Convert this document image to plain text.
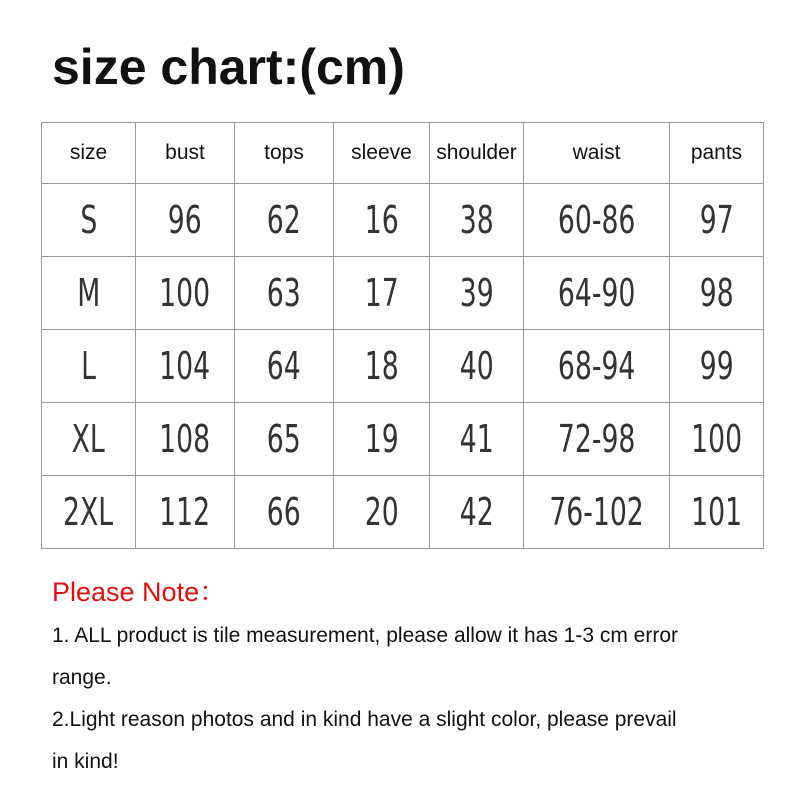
size chart:(cm)
size	bust	tops	sleeve	shoulder	waist	pants
S	96	62	16	38	60-86	97
M	100	63	17	39	64-90	98
L	104	64	18	40	68-94	99
XL	108	65	19	41	72-98	100
2XL	112	66	20	42	76-102	101
Please Note：
1. ALL product is tile measurement, please allow it has 1-3 cm error
range.
2.Light reason photos and in kind have a slight color, please prevail
in kind!
